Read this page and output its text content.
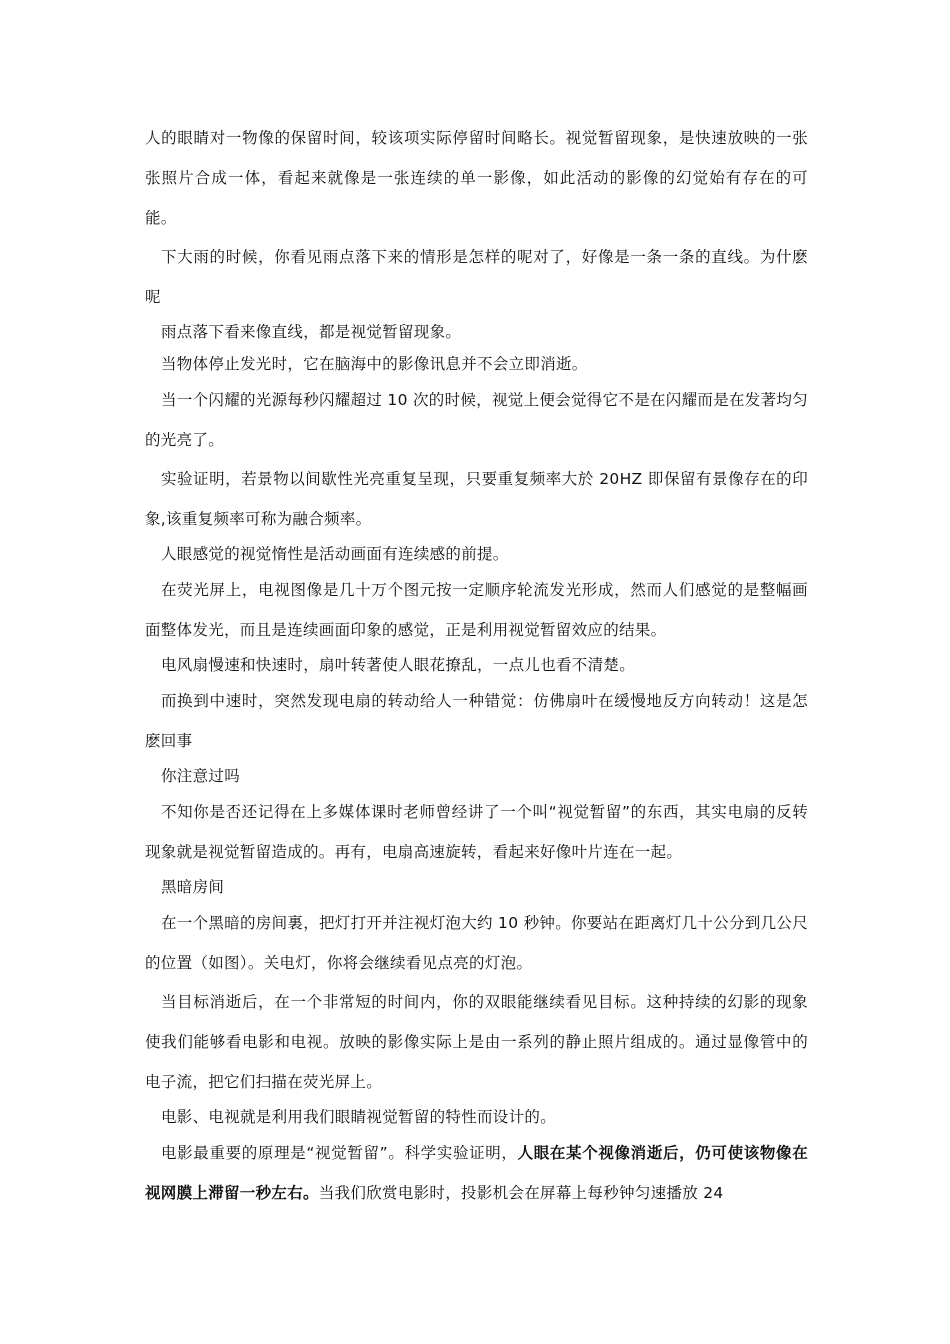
人的眼睛对一物像的保留时间，较该项实际停留时间略长。视觉暂留现象，是快速放映的一张张照片合成一体，看起来就像是一张连续的单一影像，如此活动的影像的幻觉始有存在的可能。

下大雨的时候，你看见雨点落下来的情形是怎样的呢对了，好像是一条一条的直线。为什麽呢

雨点落下看来像直线，都是视觉暂留现象。

当物体停止发光时，它在脑海中的影像讯息并不会立即消逝。

当一个闪耀的光源每秒闪耀超过 10 次的时候，视觉上便会觉得它不是在闪耀而是在发著均匀的光亮了。

实验证明，若景物以间歇性光亮重复呈现，只要重复频率大於 20HZ 即保留有景像存在的印象,该重复频率可称为融合频率。

人眼感觉的视觉惰性是活动画面有连续感的前提。

在荧光屏上，电视图像是几十万个图元按一定顺序轮流发光形成，然而人们感觉的是整幅画面整体发光，而且是连续画面印象的感觉，正是利用视觉暂留效应的结果。

电风扇慢速和快速时，扇叶转著使人眼花撩乱，一点儿也看不清楚。

而换到中速时，突然发现电扇的转动给人一种错觉：仿佛扇叶在缓慢地反方向转动！这是怎麽回事

你注意过吗

不知你是否还记得在上多媒体课时老师曾经讲了一个叫“视觉暂留”的东西，其实电扇的反转现象就是视觉暂留造成的。再有，电扇高速旋转，看起来好像叶片连在一起。

黑暗房间

在一个黑暗的房间裏，把灯打开并注视灯泡大约 10 秒钟。你要站在距离灯几十公分到几公尺的位置（如图）。关电灯，你将会继续看见点亮的灯泡。

当目标消逝后，在一个非常短的时间内，你的双眼能继续看见目标。这种持续的幻影的现象使我们能够看电影和电视。放映的影像实际上是由一系列的静止照片组成的。通过显像管中的电子流，把它们扫描在荧光屏上。

电影、电视就是利用我们眼睛视觉暂留的特性而设计的。

电影最重要的原理是“视觉暂留”。科学实验证明，人眼在某个视像消逝后，仍可使该物像在视网膜上滞留一秒左右。当我们欣赏电影时，投影机会在屏幕上每秒钟匀速播放 24
